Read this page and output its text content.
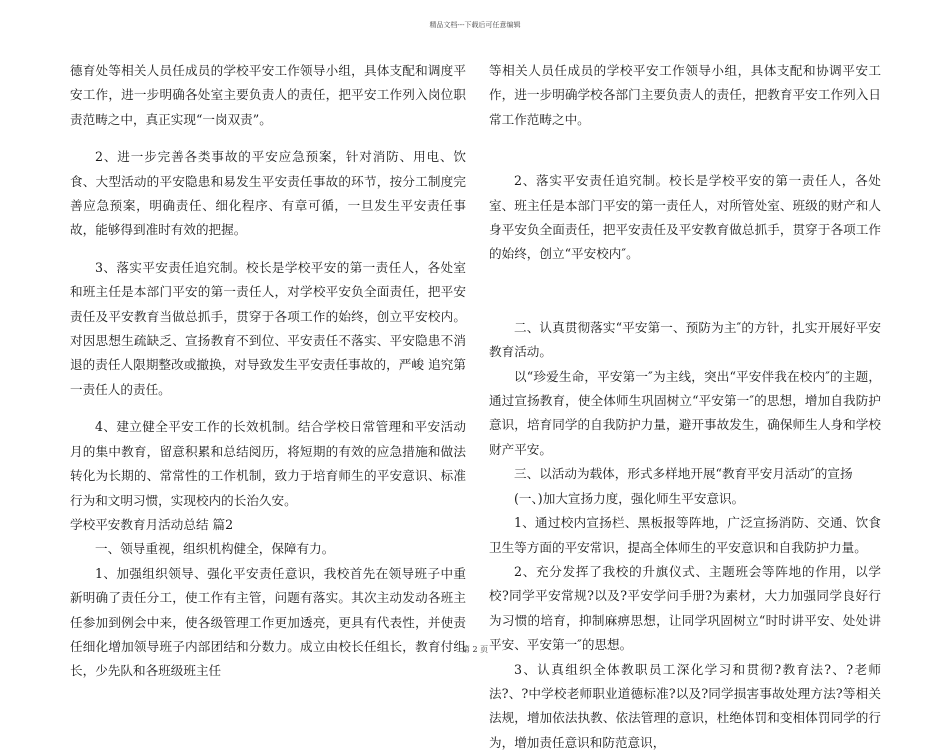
精品文档---下载后可任意编辑

德育处等相关人员任成员的学校平安工作领导小组，具体支配和调度平安工作，进一步明确各处室主要负责人的责任，把平安工作列入岗位职责范畴之中，真正实现“一岗双责”。

2、进一步完善各类事故的平安应急预案，针对消防、用电、饮食、大型活动的平安隐患和易发生平安责任事故的环节，按分工制度完善应急预案，明确责任、细化程序、有章可循，一旦发生平安责任事故，能够得到准时有效的把握。

3、落实平安责任追究制。校长是学校平安的第一责任人，各处室和班主任是本部门平安的第一责任人，对学校平安负全面责任，把平安责任及平安教育当做总抓手，贯穿于各项工作的始终，创立平安校内。对因思想生疏缺乏、宣扬教育不到位、平安责任不落实、平安隐患不消退的责任人限期整改或撤换，对导致发生平安责任事故的，严峻 追究第一责任人的责任。

4、建立健全平安工作的长效机制。结合学校日常管理和平安活动月的集中教育，留意积累和总结阅历，将短期的有效的应急措施和做法转化为长期的、常常性的工作机制，致力于培育师生的平安意识、标准行为和文明习惯，实现校内的长治久安。

学校平安教育月活动总结 篇2

一、领导重视，组织机构健全，保障有力。

1、加强组织领导、强化平安责任意识，我校首先在领导班子中重新明确了责任分工，使工作有主管，问题有落实。其次主动发动各班主任参加到例会中来，使各级管理工作更加透亮，更具有代表性，并使责任细化增加领导班子内部团结和分数力。成立由校长任组长，教育付组长，少先队和各班级班主任

等相关人员任成员的学校平安工作领导小组，具体支配和协调平安工作，进一步明确学校各部门主要负责人的责任，把教育平安工作列入日常工作范畴之中。

2、落实平安责任追究制。校长是学校平安的第一责任人，各处室、班主任是本部门平安的第一责任人，对所管处室、班级的财产和人身平安负全面责任，把平安责任及平安教育做总抓手，贯穿于各项工作的始终，创立“平安校内″。

二、认真贯彻落实“平安第一、预防为主″的方针，扎实开展好平安教育活动。

以“珍爱生命，平安第一″为主线，突出“平安伴我在校内″的主题，通过宣扬教育，使全体师生巩固树立“平安第一″的思想，增加自我防护意识，培育同学的自我防护力量，避开事故发生，确保师生人身和学校财产平安。

三、以活动为载体，形式多样地开展“教育平安月活动″的宣扬

(一、)加大宣扬力度，强化师生平安意识。

1、通过校内宣扬栏、黑板报等阵地，广泛宣扬消防、交通、饮食卫生等方面的平安常识，提高全体师生的平安意识和自我防护力量。

2、充分发挥了我校的升旗仪式、主题班会等阵地的作用，以学校?同学平安常规?以及?平安学问手册?为素材，大力加强同学良好行为习惯的培育，抑制麻痹思想，让同学巩固树立“时时讲平安、处处讲平安、平安第一″的思想。

3、认真组织全体教职员工深化学习和贯彻?教育法?、?老师法?、?中学校老师职业道德标准?以及?同学损害事故处理方法?等相关法规，增加依法执教、依法管理的意识，杜绝体罚和变相体罚同学的行为，增加责任意识和防范意识，

第 2 页
